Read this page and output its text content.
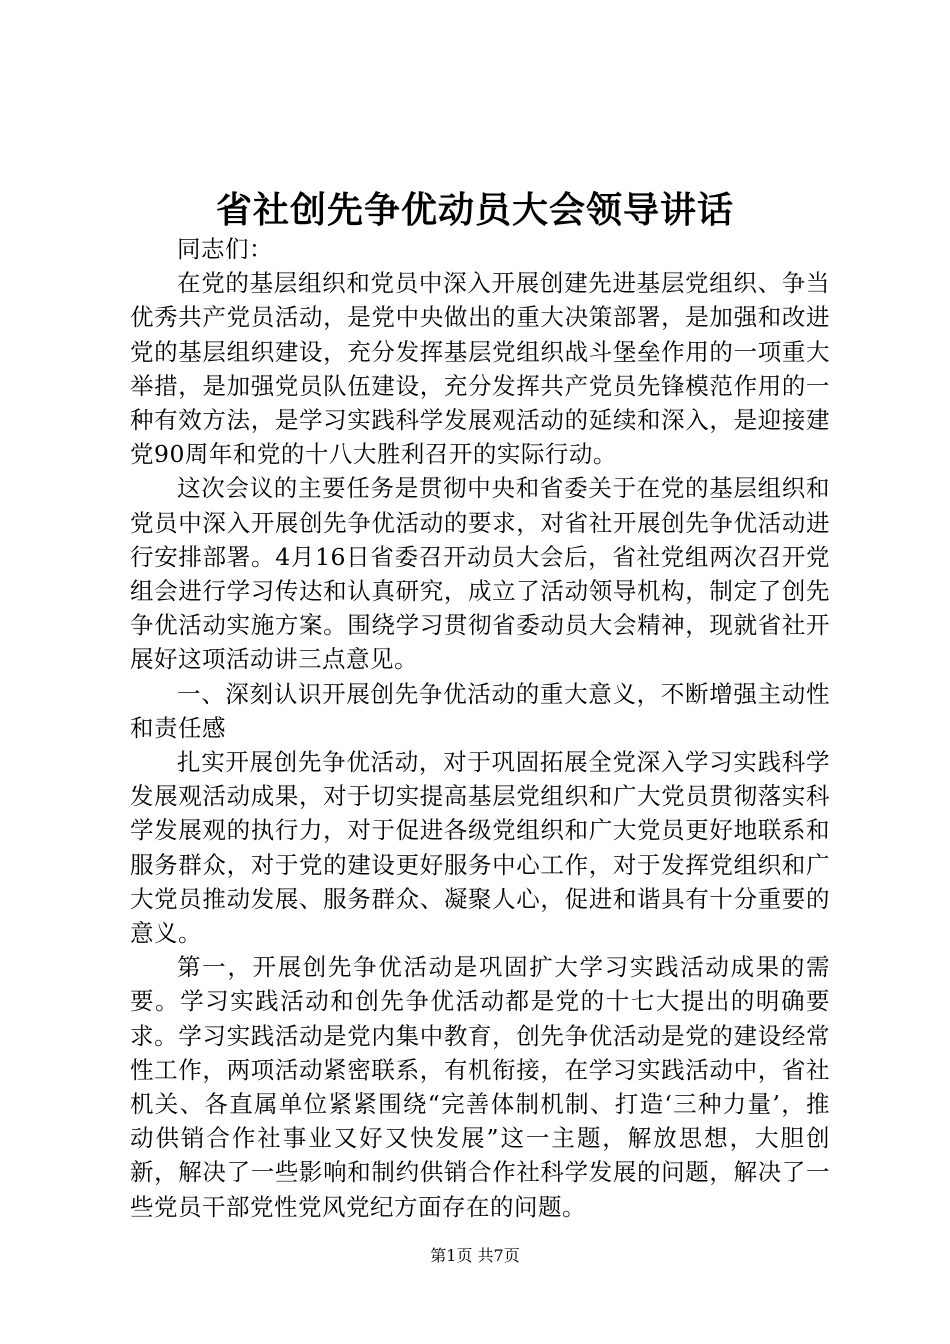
省社创先争优动员大会领导讲话

同志们：

在党的基层组织和党员中深入开展创建先进基层党组织、争当优秀共产党员活动，是党中央做出的重大决策部署，是加强和改进党的基层组织建设，充分发挥基层党组织战斗堡垒作用的一项重大举措，是加强党员队伍建设，充分发挥共产党员先锋模范作用的一种有效方法，是学习实践科学发展观活动的延续和深入，是迎接建党90周年和党的十八大胜利召开的实际行动。

这次会议的主要任务是贯彻中央和省委关于在党的基层组织和党员中深入开展创先争优活动的要求，对省社开展创先争优活动进行安排部署。4月16日省委召开动员大会后，省社党组两次召开党组会进行学习传达和认真研究，成立了活动领导机构，制定了创先争优活动实施方案。围绕学习贯彻省委动员大会精神，现就省社开展好这项活动讲三点意见。

一、深刻认识开展创先争优活动的重大意义，不断增强主动性和责任感

扎实开展创先争优活动，对于巩固拓展全党深入学习实践科学发展观活动成果，对于切实提高基层党组织和广大党员贯彻落实科学发展观的执行力，对于促进各级党组织和广大党员更好地联系和服务群众，对于党的建设更好服务中心工作，对于发挥党组织和广大党员推动发展、服务群众、凝聚人心，促进和谐具有十分重要的意义。

第一，开展创先争优活动是巩固扩大学习实践活动成果的需要。学习实践活动和创先争优活动都是党的十七大提出的明确要求。学习实践活动是党内集中教育，创先争优活动是党的建设经常性工作，两项活动紧密联系，有机衔接，在学习实践活动中，省社机关、各直属单位紧紧围绕“完善体制机制、打造‘三种力量’，推动供销合作社事业又好又快发展”这一主题，解放思想，大胆创新，解决了一些影响和制约供销合作社科学发展的问题，解决了一些党员干部党性党风党纪方面存在的问题。

第1页 共7页
